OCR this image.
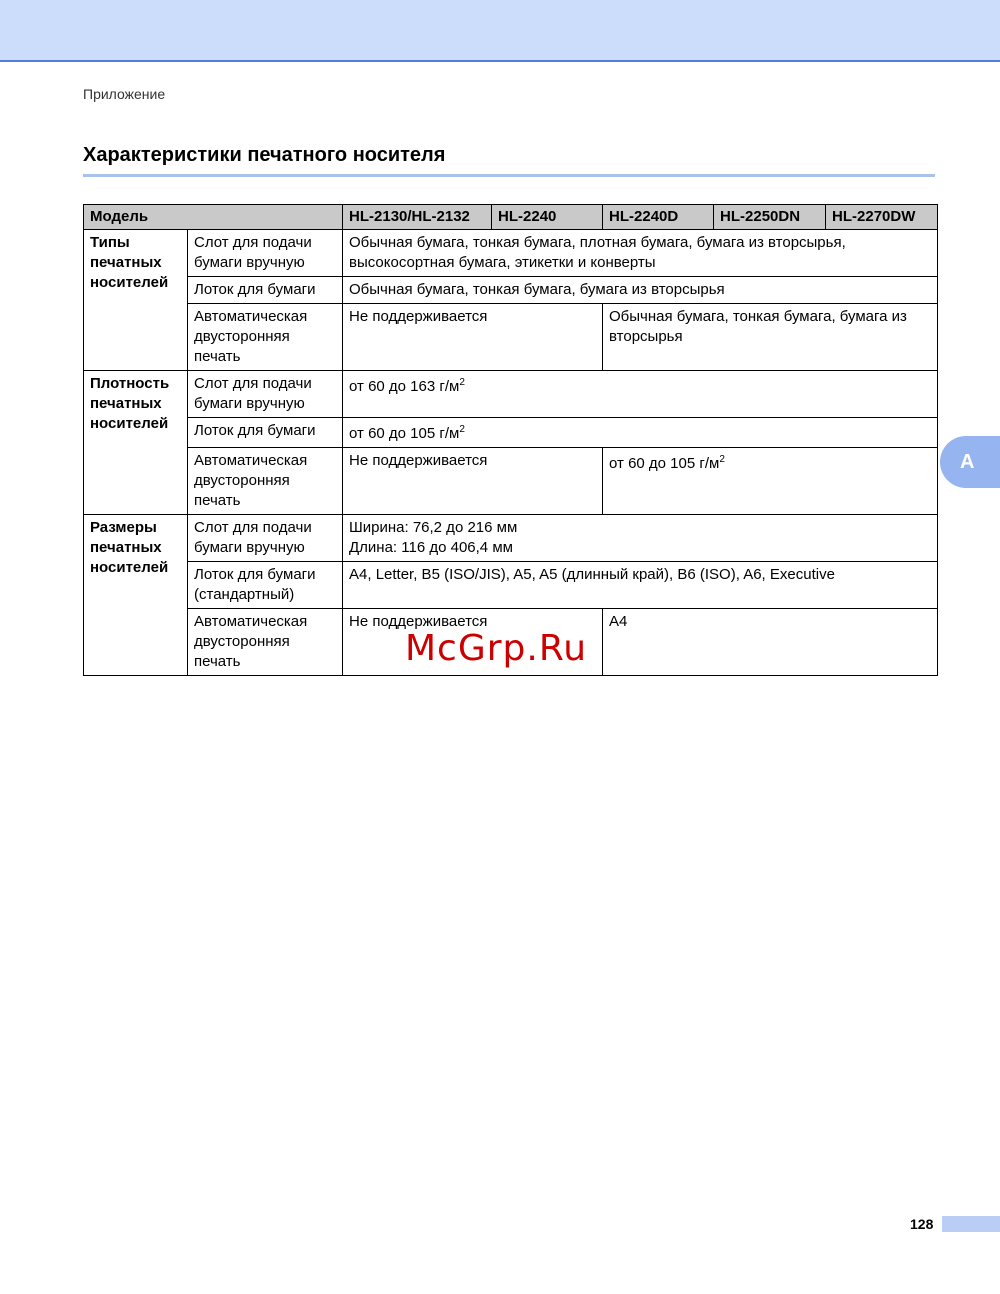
Приложение
Характеристики печатного носителя
Модель		HL-2130/HL-2132	HL-2240	HL-2240D	HL-2250DN	HL-2270DW
Типы печатных носителей	Слот для подачи бумаги вручную	Обычная бумага, тонкая бумага, плотная бумага, бумага из вторсырья, высокосортная бумага, этикетки и конверты				
	Лоток для бумаги	Обычная бумага, тонкая бумага, бумага из вторсырья				
	Автоматическая двусторонняя печать	Не поддерживается		Обычная бумага, тонкая бумага, бумага из вторсырья		
Плотность печатных носителей	Слот для подачи бумаги вручную	от 60 до 163 $г/м^2$
	Лоток для бумаги	от 60 до 105 $г/м^2$
	Автоматическая двусторонняя печать	Не поддерживается		от 60 до 105 $г/м^2$
Размеры печатных носителей	Слот для подачи бумаги вручную	Ширина: 76,2 до 216 мм
Длина: 116 до 406,4 мм				

	Лоток для бумаги (стандартный)	A4, Letter, B5 (ISO/JIS), A5, A5 (длинный край), B6 (ISO), A6, Executive				
	Автоматическая двусторонняя печать	Не поддерживается		A4		
McGrp.Ru
A
128
